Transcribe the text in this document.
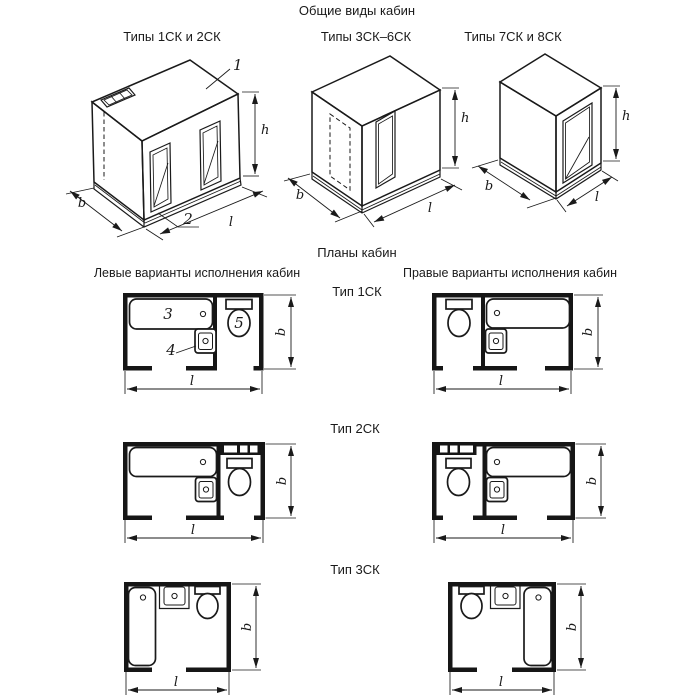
h
b
l
1
2
h
b
l
h
b
l
3
4
5 b
l
b
l
b
l
b
l
b
l
b
l
Общие виды кабин
Типы 1СК и 2СК	Типы 3СК–6СК	Типы 7СК и 8СК
Планы кабин
Левые варианты исполнения кабин	Правые варианты исполнения кабин
Тип 1СК
Тип 2СК
Тип 3СК
